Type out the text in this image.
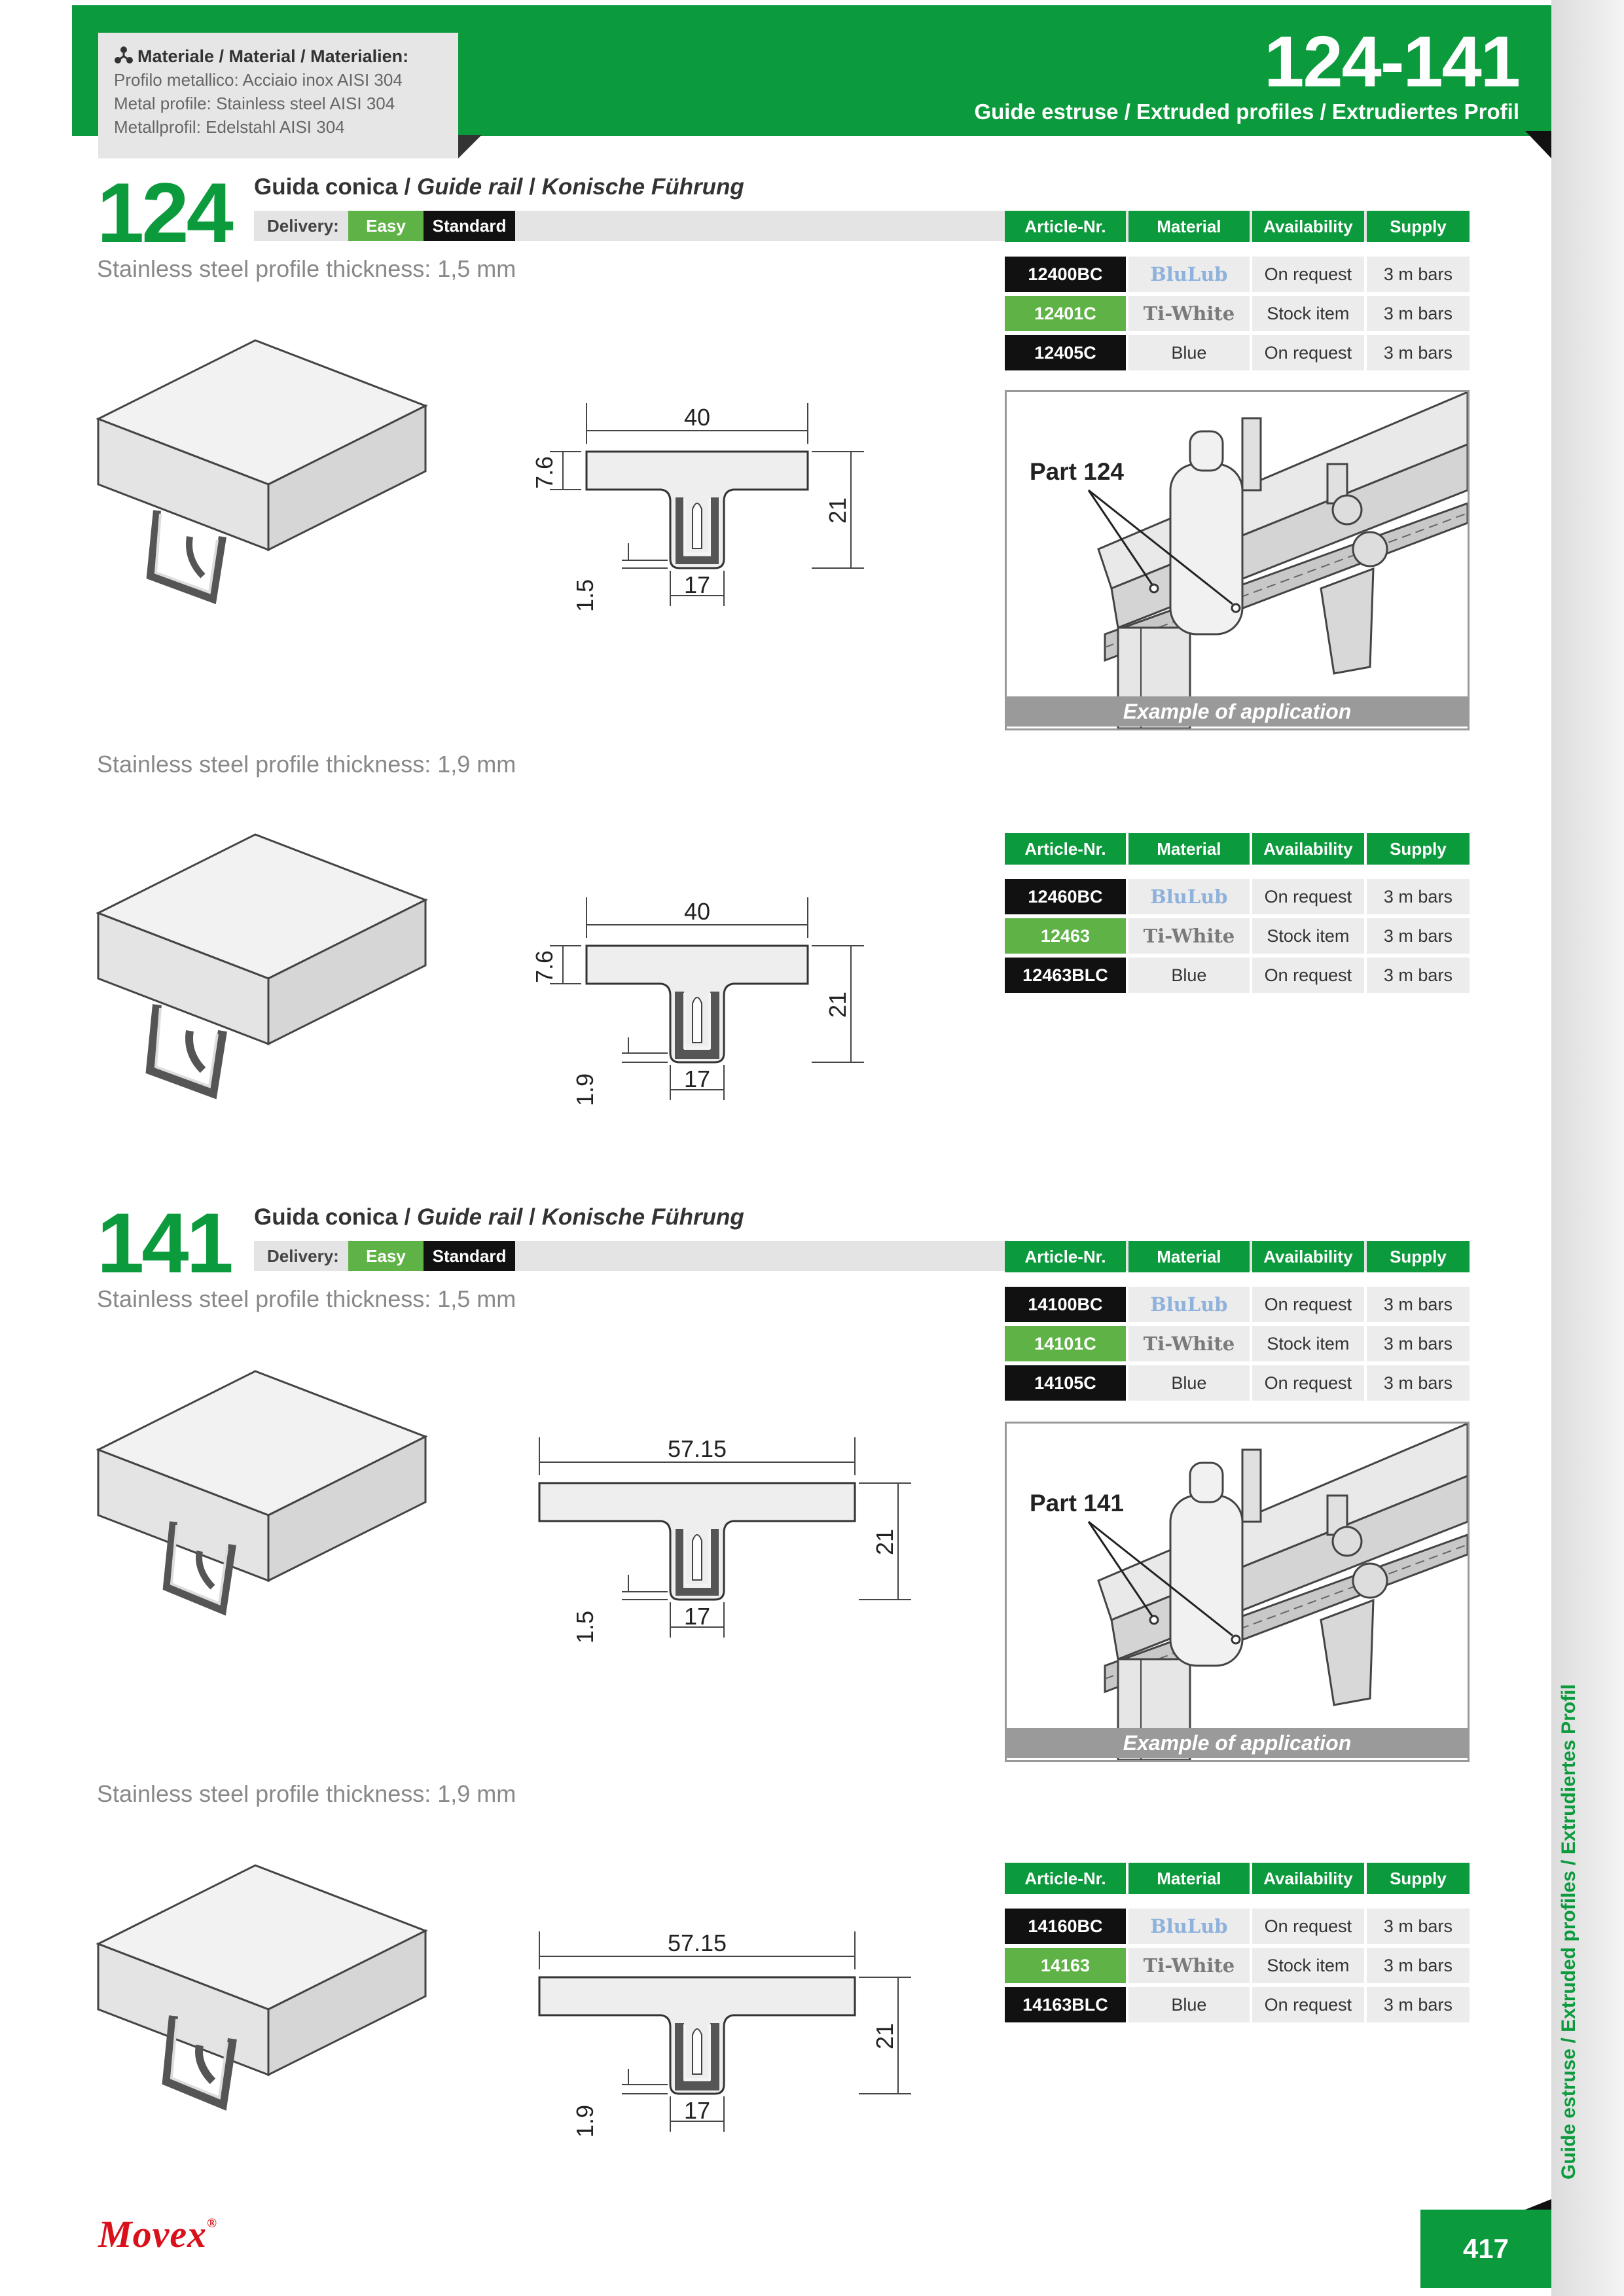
Materiale / Material / Materialien:
Profilo metallico: Acciaio inox AISI 304
Metal profile: Stainless steel AISI 304
Metallprofil: Edelstahl AISI 304
124-141
Guide estruse / Extruded profiles / Extrudiertes Profil
Guide estruse / Extruded profiles / Extrudiertes Profil
417
124 Guida conica / Guide rail / Konische Führung
Delivery:	Easy	Standard
Stainless steel profile thickness: 1,5 mm
Article-Nr.	Material	Availability	Supply
12400BC	BluLub	On request	3 m bars
12401C	Ti-White	Stock item	3 m bars
12405C	Blue	On request	3 m bars
40
7.6
21
17
1.5
Part 124
Example of application
Stainless steel profile thickness: 1,9 mm
Article-Nr.	Material	Availability	Supply
12460BC	BluLub	On request	3 m bars
12463	Ti-White	Stock item	3 m bars
12463BLC	Blue	On request	3 m bars
40
7.6
21
17
1.9
141 Guida conica / Guide rail / Konische Führung
Delivery:	Easy	Standard
Stainless steel profile thickness: 1,5 mm
Article-Nr.	Material	Availability	Supply
14100BC	BluLub	On request	3 m bars
14101C	Ti-White	Stock item	3 m bars
14105C	Blue	On request	3 m bars
57.15
21
17
1.5
Part 141
Example of application
Stainless steel profile thickness: 1,9 mm
Article-Nr.	Material	Availability	Supply
14160BC	BluLub	On request	3 m bars
14163	Ti-White	Stock item	3 m bars
14163BLC	Blue	On request	3 m bars
57.15
21
17
1.9
Movex®
